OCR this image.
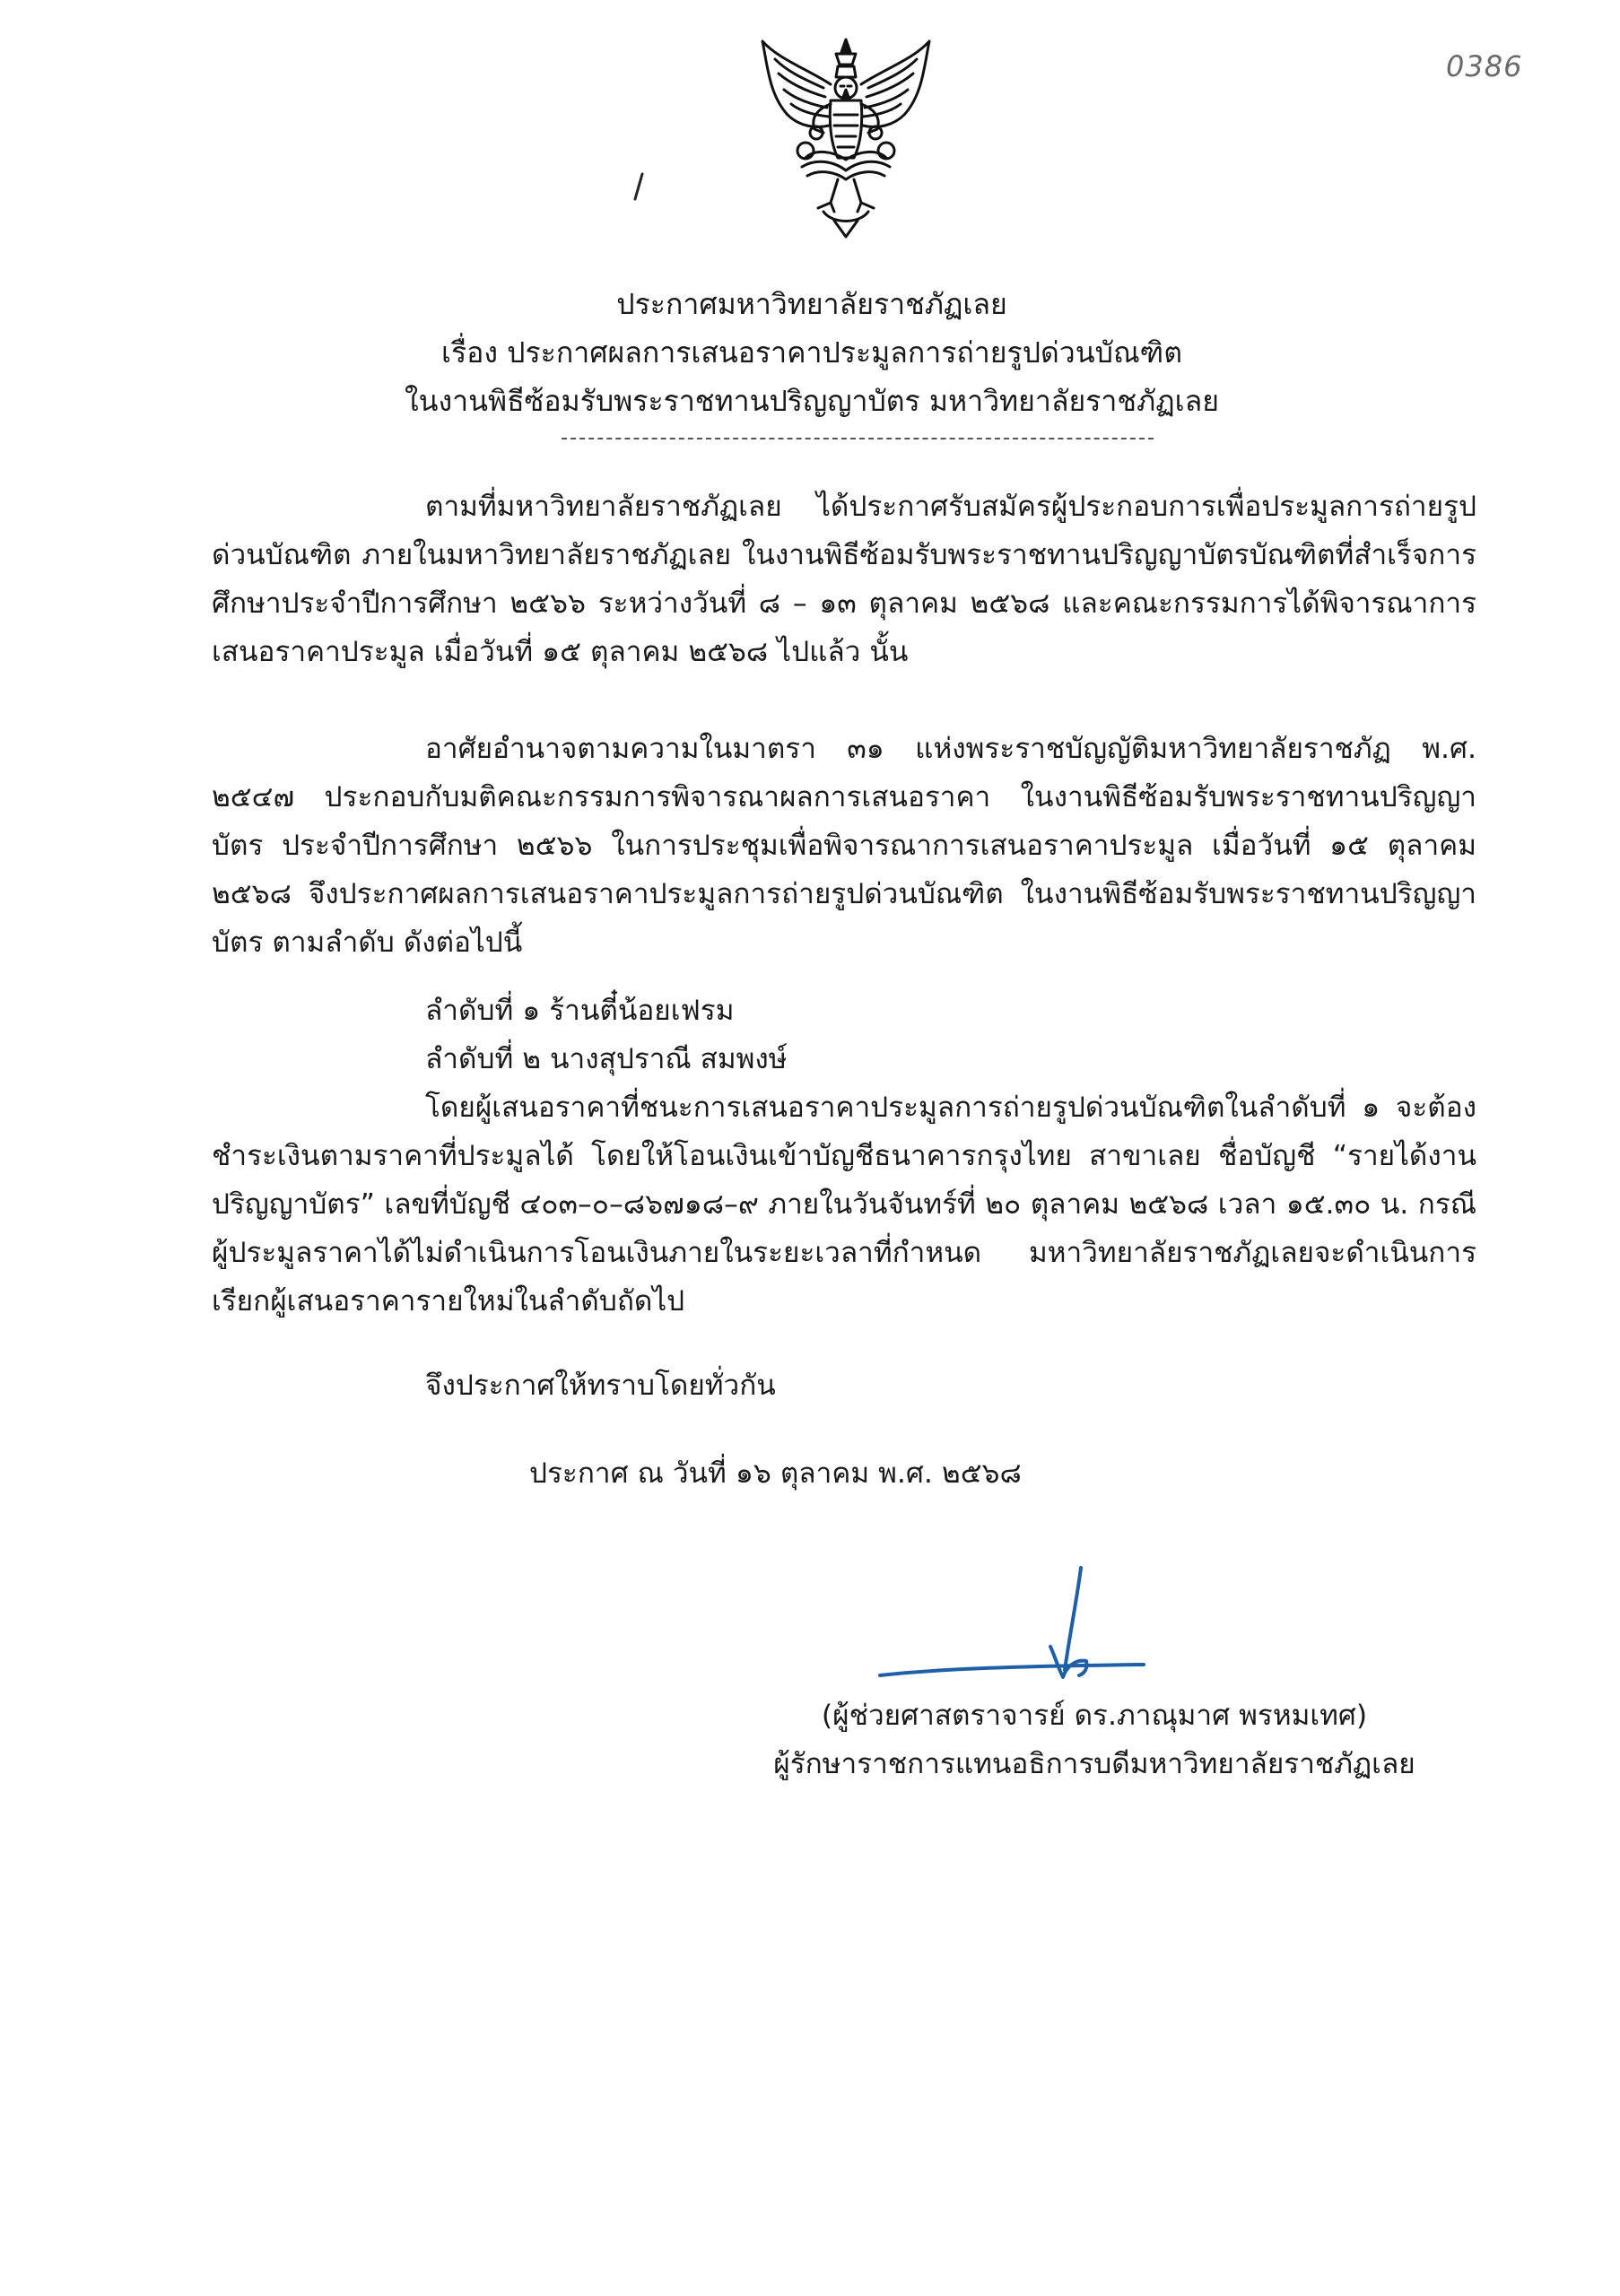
0386
ประกาศมหาวิทยาลัยราชภัฏเลย
เรื่อง ประกาศผลการเสนอราคาประมูลการถ่ายรูปด่วนบัณฑิต
ในงานพิธีซ้อมรับพระราชทานปริญญาบัตร มหาวิทยาลัยราชภัฏเลย

ตามที่มหาวิทยาลัยราชภัฏเลย ได้ประกาศรับสมัครผู้ประกอบการเพื่อประมูลการถ่ายรูปด่วนบัณฑิต ภายในมหาวิทยาลัยราชภัฏเลย ในงานพิธีซ้อมรับพระราชทานปริญญาบัตรบัณฑิตที่สำเร็จการศึกษาประจำปีการศึกษา ๒๕๖๖ ระหว่างวันที่ ๘ – ๑๓ ตุลาคม ๒๕๖๘ และคณะกรรมการได้พิจารณาการเสนอราคาประมูล เมื่อวันที่ ๑๕ ตุลาคม ๒๕๖๘ ไปแล้ว นั้น

อาศัยอำนาจตามความในมาตรา ๓๑ แห่งพระราชบัญญัติมหาวิทยาลัยราชภัฏ พ.ศ. ๒๕๔๗ ประกอบกับมติคณะกรรมการพิจารณาผลการเสนอราคา ในงานพิธีซ้อมรับพระราชทานปริญญาบัตร ประจำปีการศึกษา ๒๕๖๖ ในการประชุมเพื่อพิจารณาการเสนอราคาประมูล เมื่อวันที่ ๑๕ ตุลาคม ๒๕๖๘ จึงประกาศผลการเสนอราคาประมูลการถ่ายรูปด่วนบัณฑิต ในงานพิธีซ้อมรับพระราชทานปริญญาบัตร ตามลำดับ ดังต่อไปนี้

ลำดับที่ ๑ ร้านตี๋น้อยเฟรม
ลำดับที่ ๒ นางสุปราณี สมพงษ์

โดยผู้เสนอราคาที่ชนะการเสนอราคาประมูลการถ่ายรูปด่วนบัณฑิตในลำดับที่ ๑ จะต้องชำระเงินตามราคาที่ประมูลได้ โดยให้โอนเงินเข้าบัญชีธนาคารกรุงไทย สาขาเลย ชื่อบัญชี “รายได้งานปริญญาบัตร” เลขที่บัญชี ๔๐๓–๐–๘๖๗๑๘–๙ ภายในวันจันทร์ที่ ๒๐ ตุลาคม ๒๕๖๘ เวลา ๑๕.๓๐ น. กรณีผู้ประมูลราคาได้ไม่ดำเนินการโอนเงินภายในระยะเวลาที่กำหนด มหาวิทยาลัยราชภัฏเลยจะดำเนินการเรียกผู้เสนอราคารายใหม่ในลำดับถัดไป

จึงประกาศให้ทราบโดยทั่วกัน
ประกาศ ณ วันที่ ๑๖ ตุลาคม พ.ศ. ๒๕๖๘
(ผู้ช่วยศาสตราจารย์ ดร.ภาณุมาศ พรหมเทศ)
ผู้รักษาราชการแทนอธิการบดีมหาวิทยาลัยราชภัฏเลย
